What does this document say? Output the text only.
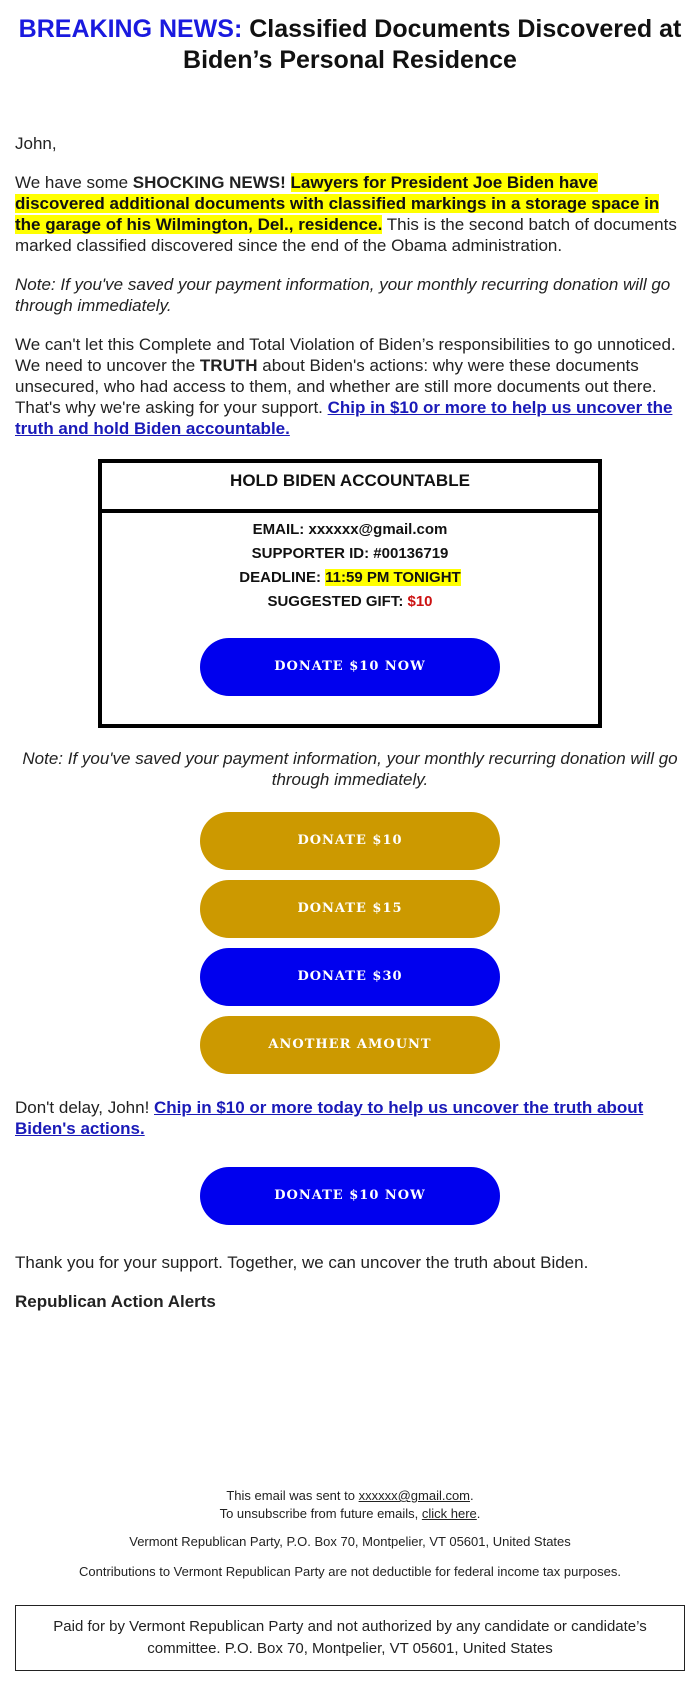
BREAKING NEWS: Classified Documents Discovered at Biden’s Personal Residence

John,

We have some SHOCKING NEWS! Lawyers for President Joe Biden have discovered additional documents with classified markings in a storage space in the garage of his Wilmington, Del., residence. This is the second batch of documents marked classified discovered since the end of the Obama administration.

Note: If you've saved your payment information, your monthly recurring donation will go through immediately.

We can't let this Complete and Total Violation of Biden’s responsibilities to go unnoticed. We need to uncover the TRUTH about Biden's actions: why were these documents unsecured, who had access to them, and whether are still more documents out there. That's why we're asking for your support. Chip in $10 or more to help us uncover the truth and hold Biden accountable.

HOLD BIDEN ACCOUNTABLE
EMAIL: xxxxxx@gmail.com
SUPPORTER ID: #00136719
DEADLINE: 11:59 PM TONIGHT
SUGGESTED GIFT: $10
DONATE $10 NOW

Note: If you've saved your payment information, your monthly recurring donation will go through immediately.

DONATE $10
DONATE $15
DONATE $30
ANOTHER AMOUNT

Don't delay, John! Chip in $10 or more today to help us uncover the truth about Biden's actions.

DONATE $10 NOW

Thank you for your support. Together, we can uncover the truth about Biden.

Republican Action Alerts

This email was sent to xxxxxx@gmail.com.
To unsubscribe from future emails, click here.
Vermont Republican Party, P.O. Box 70, Montpelier, VT 05601, United States
Contributions to Vermont Republican Party are not deductible for federal income tax purposes.
Paid for by Vermont Republican Party and not authorized by any candidate or candidate’s committee. P.O. Box 70, Montpelier, VT 05601, United States
